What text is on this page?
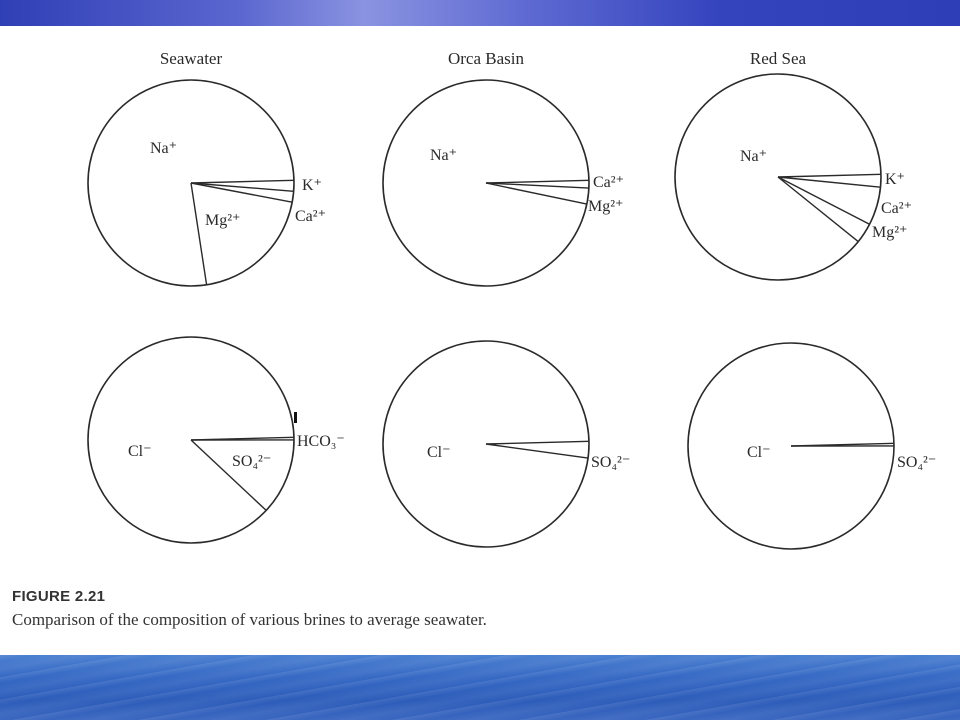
Seawater
Na⁺
K⁺
Ca²⁺
Mg²⁺
Orca Basin
Na⁺
Ca²⁺
Mg²⁺
Red Sea
Na⁺
K⁺
Ca²⁺
Mg²⁺
Cl⁻
HCO₃⁻
SO₄²⁻
Cl⁻
SO₄²⁻
Cl⁻
SO₄²⁻
FIGURE 2.21
Comparison of the composition of various brines to average seawater.
